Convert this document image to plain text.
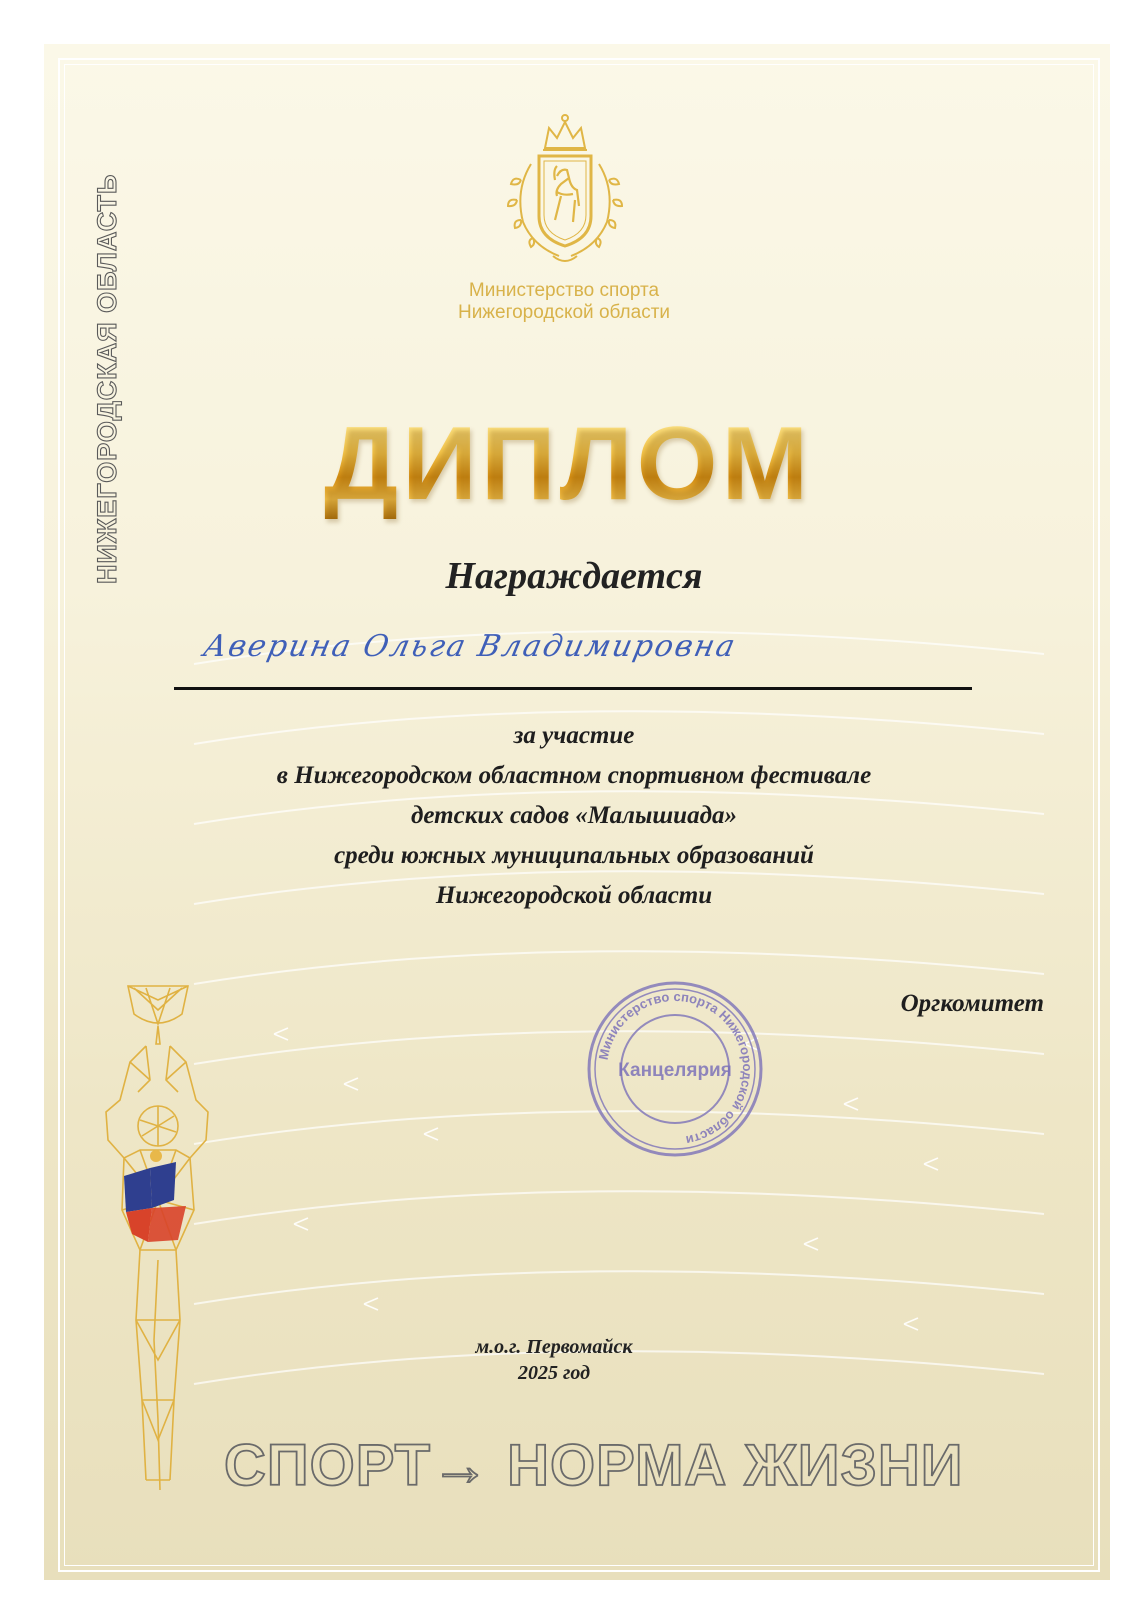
НИЖЕГОРОДСКАЯ ОБЛАСТЬ	Министерство спорта
Нижегородской области
ДИПЛОМ
Награждается
Аверина Ольга Владимировна
за участие
в Нижегородском областном спортивном фестивале
детских садов «Малышиада»
среди южных муниципальных образований
Нижегородской области
Министерство спорта Нижегородской области
Канцелярия
Оргкомитет
м.о.г. Первомайск
2025 год
СПОРТ→ НОРМА ЖИЗНИ
